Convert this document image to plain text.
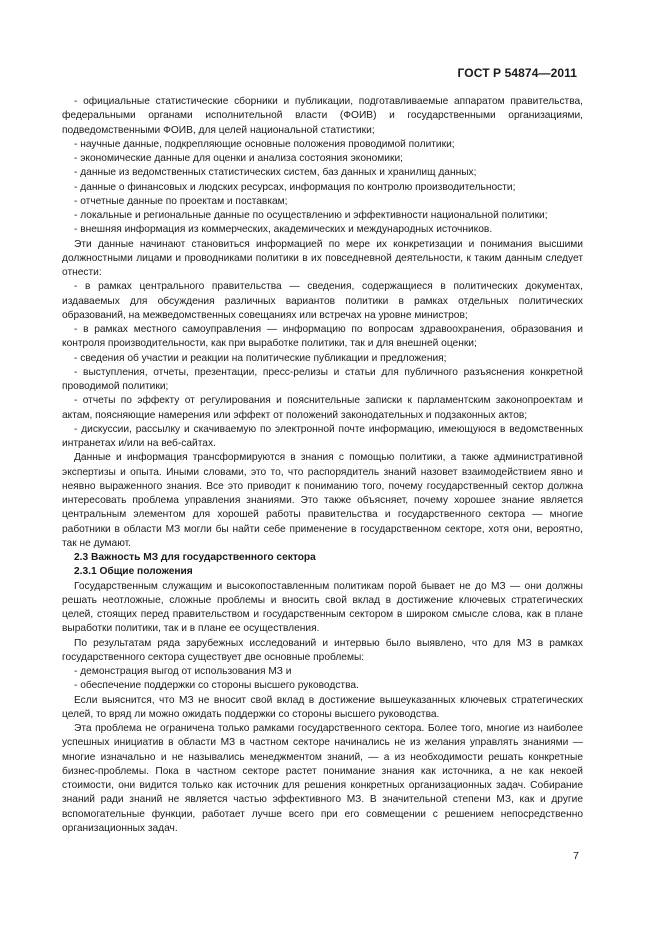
ГОСТ Р 54874—2011

- официальные статистические сборники и публикации, подготавливаемые аппаратом правительства, федеральными органами исполнительной власти (ФОИВ) и государственными организациями, подведомственными ФОИВ, для целей национальной статистики;

- научные данные, подкрепляющие основные положения проводимой политики;

- экономические данные для оценки и анализа состояния экономики;

- данные из ведомственных статистических систем, баз данных и хранилищ данных;

- данные о финансовых и людских ресурсах, информация по контролю производительности;

- отчетные данные по проектам и поставкам;

- локальные и региональные данные по осуществлению и эффективности национальной политики;

- внешняя информация из коммерческих, академических и международных источников.

Эти данные начинают становиться информацией по мере их конкретизации и понимания высшими должностными лицами и проводниками политики в их повседневной деятельности, к таким данным следует отнести:

- в рамках центрального правительства — сведения, содержащиеся в политических документах, издаваемых для обсуждения различных вариантов политики в рамках отдельных политических образований, на межведомственных совещаниях или встречах на уровне министров;

- в рамках местного самоуправления — информацию по вопросам здравоохранения, образования и контроля производительности, как при выработке политики, так и для внешней оценки;

- сведения об участии и реакции на политические публикации и предложения;

- выступления, отчеты, презентации, пресс-релизы и статьи для публичного разъяснения конкретной проводимой политики;

- отчеты по эффекту от регулирования и пояснительные записки к парламентским законопроектам и актам, поясняющие намерения или эффект от положений законодательных и подзаконных актов;

- дискуссии, рассылку и скачиваемую по электронной почте информацию, имеющуюся в ведомственных интранетах и/или на веб-сайтах.

Данные и информация трансформируются в знания с помощью политики, а также административной экспертизы и опыта. Иными словами, это то, что распорядитель знаний назовет взаимодействием явно и неявно выраженного знания. Все это приводит к пониманию того, почему государственный сектор должна интересовать проблема управления знаниями. Это также объясняет, почему хорошее знание является центральным элементом для хорошей работы правительства и государственного сектора — многие работники в области МЗ могли бы найти себе применение в государственном секторе, хотя они, вероятно, так не думают.

2.3 Важность МЗ для государственного сектора

2.3.1 Общие положения

Государственным служащим и высокопоставленным политикам порой бывает не до МЗ — они должны решать неотложные, сложные проблемы и вносить свой вклад в достижение ключевых стратегических целей, стоящих перед правительством и государственным сектором в широком смысле слова, как в плане выработки политики, так и в плане ее осуществления.

По результатам ряда зарубежных исследований и интервью было выявлено, что для МЗ в рамках государственного сектора существует две основные проблемы:

- демонстрация выгод от использования МЗ и

- обеспечение поддержки со стороны высшего руководства.

Если выяснится, что МЗ не вносит свой вклад в достижение вышеуказанных ключевых стратегических целей, то вряд ли можно ожидать поддержки со стороны высшего руководства.

Эта проблема не ограничена только рамками государственного сектора. Более того, многие из наиболее успешных инициатив в области МЗ в частном секторе начинались не из желания управлять знаниями — многие изначально и не назывались менеджментом знаний, — а из необходимости решать конкретные бизнес-проблемы. Пока в частном секторе растет понимание знания как источника, а не как некоей стоимости, они видится только как источник для решения конкретных организационных задач. Собирание знаний ради знаний не является частью эффективного МЗ. В значительной степени МЗ, как и другие вспомогательные функции, работает лучше всего при его совмещении с решением непосредственно организационных задач.

7
